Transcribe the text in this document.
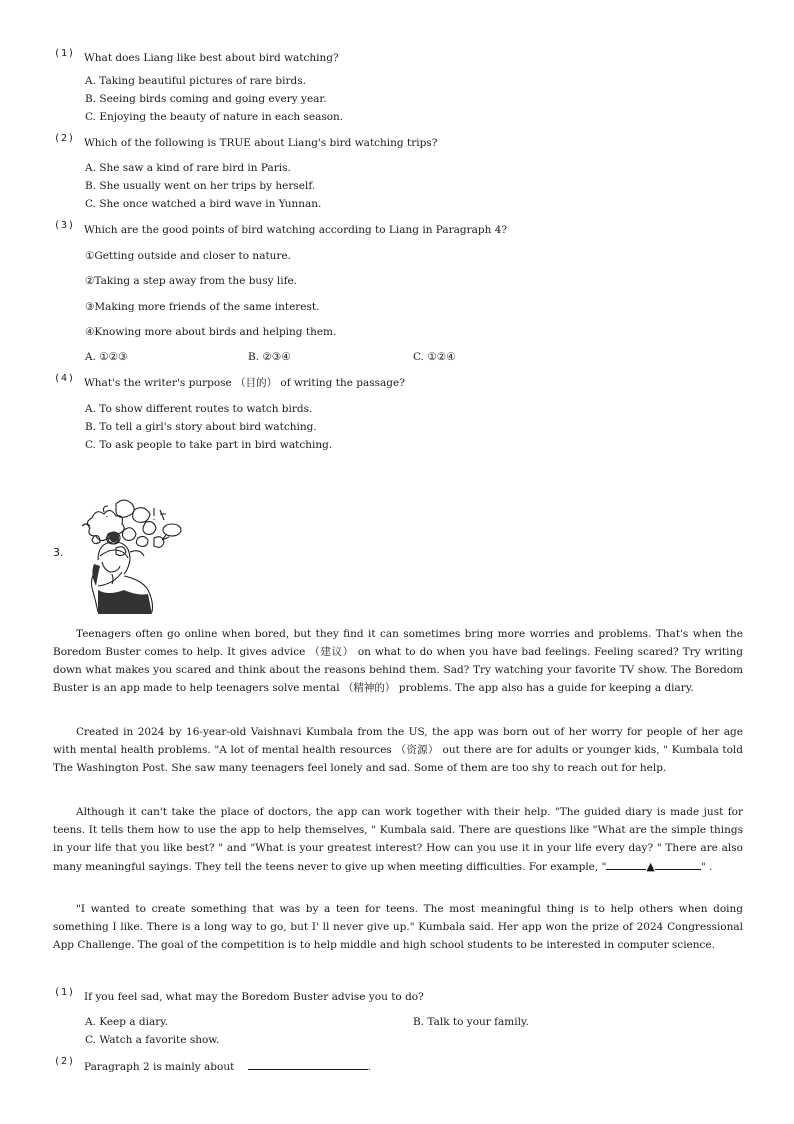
(1) What does Liang like best about bird watching?
A. Taking beautiful pictures of rare birds.
B. Seeing birds coming and going every year.
C. Enjoying the beauty of nature in each season.
(2) Which of the following is TRUE about Liang's bird watching trips?
A. She saw a kind of rare bird in Paris.
B. She usually went on her trips by herself.
C. She once watched a bird wave in Yunnan.
(3) Which are the good points of bird watching according to Liang in Paragraph 4?
①Getting outside and closer to nature.
②Taking a step away from the busy life.
③Making more friends of the same interest.
④Knowing more about birds and helping them.
A. ①②③	B. ②③④	C. ①②④
(4) What's the writer's purpose （目的） of writing the passage?
A. To show different routes to watch birds.
B. To tell a girl's story about bird watching.
C. To ask people to take part in bird watching.
3.
Teenagers often go online when bored, but they find it can sometimes bring more worries and problems. That's when the Boredom Buster comes to help. It gives advice （建议） on what to do when you have bad feelings. Feeling scared? Try writing down what makes you scared and think about the reasons behind them. Sad? Try watching your favorite TV show. The Boredom Buster is an app made to help teenagers solve mental （精神的） problems. The app also has a guide for keeping a diary.
Created in 2024 by 16-year-old Vaishnavi Kumbala from the US, the app was born out of her worry for people of her age with mental health problems. "A lot of mental health resources （资源） out there are for adults or younger kids, " Kumbala told The Washington Post. She saw many teenagers feel lonely and sad. Some of them are too shy to reach out for help.
Although it can't take the place of doctors, the app can work together with their help. "The guided diary is made just for teens. It tells them how to use the app to help themselves, " Kumbala said. There are questions like "What are the simple things in your life that you like best? " and "What is your greatest interest? How can you use it in your life every day? " There are also many meaningful sayings. They tell the teens never to give up when meeting difficulties. For example, "	▲	" .
"I wanted to create something that was by a teen for teens. The most meaningful thing is to help others when doing something I like. There is a long way to go, but I' ll never give up." Kumbala said. Her app won the prize of 2024 Congressional App Challenge. The goal of the competition is to help middle and high school students to be interested in computer science.
(1) If you feel sad, what may the Boredom Buster advise you to do?
A. Keep a diary.	B. Talk to your family.
C. Watch a favorite show.
(2) Paragraph 2 is mainly about	.
